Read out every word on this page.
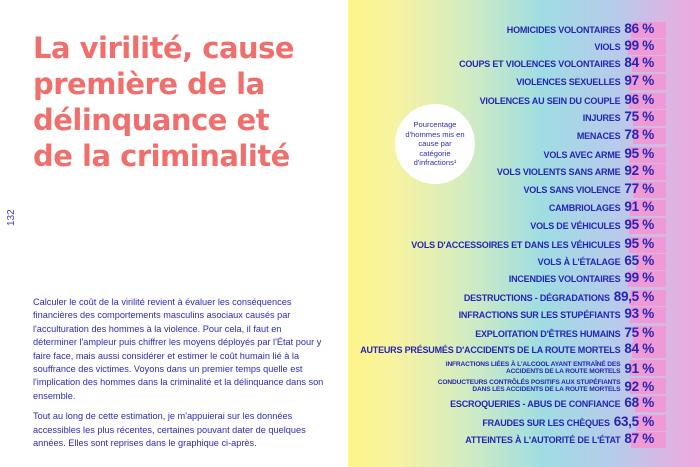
La virilité, cause
première de la
délinquance et
de la criminalité
132

Calculer le coût de la virilité revient à évaluer les conséquences financières des comportements masculins asociaux causés par l'acculturation des hommes à la violence. Pour cela, il faut en déterminer l'ampleur puis chiffrer les moyens déployés par l'État pour y faire face, mais aussi considérer et estimer le coût humain lié à la souffrance des victimes. Voyons dans un premier temps quelle est l'implication des hommes dans la criminalité et la délinquance dans son ensemble.

Tout au long de cette estimation, je m'appuierai sur les données accessibles les plus récentes, certaines pouvant dater de quelques années. Elles sont reprises dans le graphique ci-après.

Pourcentage d'hommes mis en cause par catégorie d'infractions¹
HOMICIDES VOLONTAIRES 86 %
VIOLS 99 %
COUPS ET VIOLENCES VOLONTAIRES 84 %
VIOLENCES SEXUELLES 97 %
VIOLENCES AU SEIN DU COUPLE 96 %
INJURES 75 %
MENACES 78 %
VOLS AVEC ARME 95 %
VOLS VIOLENTS SANS ARME 92 %
VOLS SANS VIOLENCE 77 %
CAMBRIOLAGES 91 %
VOLS DE VÉHICULES 95 %
VOLS D'ACCESSOIRES ET DANS LES VÉHICULES 95 %
VOLS À L'ÉTALAGE 65 %
INCENDIES VOLONTAIRES 99 %
DESTRUCTIONS - DÉGRADATIONS 89,5 %
INFRACTIONS SUR LES STUPÉFIANTS 93 %
EXPLOITATION D'ÊTRES HUMAINS 75 %
AUTEURS PRÉSUMÉS D'ACCIDENTS DE LA ROUTE MORTELS 84 %
INFRACTIONS LIÉES À L'ALCOOL AYANT ENTRAÎNÉ DES ACCIDENTS DE LA ROUTE MORTELS 91 %
CONDUCTEURS CONTRÔLÉS POSITIFS AUX STUPÉFIANTS DANS LES ACCIDENTS DE LA ROUTE MORTELS 92 %
ESCROQUERIES - ABUS DE CONFIANCE 68 %
FRAUDES SUR LES CHÈQUES 63,5 %
ATTEINTES À L'AUTORITÉ DE L'ÉTAT 87 %
